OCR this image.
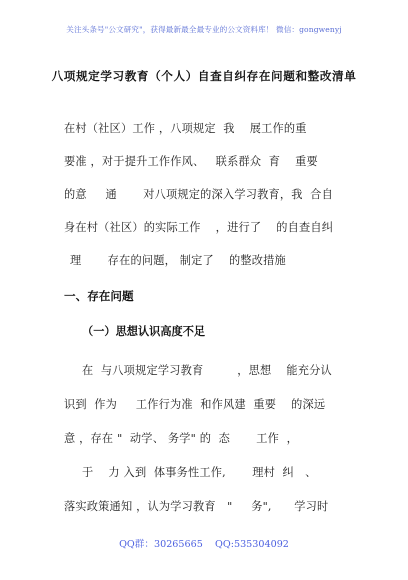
关注头条号"公文研究"，获得最新最全最专业的公文资料库！ 微信：gongwenyj
八项规定学习教育（个人）自查自纠存在问题和整改清单
在村（社区）工作 ，八项规定  我    展工作的重
要准 ，对于提升工作作风、   联系群众  育    重要
的意     通       对八项规定的深入学习教育，我  合自
身在村（社区）的实际工作    ，进行了    的自查自纠
理       存在的问题， 制定了    的整改措施
一、存在问题
（一）思想认识高度不足
在  与八项规定学习教育         ，思想    能充分认
识到  作为     工作行为准  和作风建  重要    的深远
意 ，存在 "  动学、 务学" 的  态       工作  ，
于    力 入到  体事务性工作,       理村  纠   、
落实政策通知 ，认为学习教育   "     务",      学习时
QQ群：30265665    QQ:535304092
